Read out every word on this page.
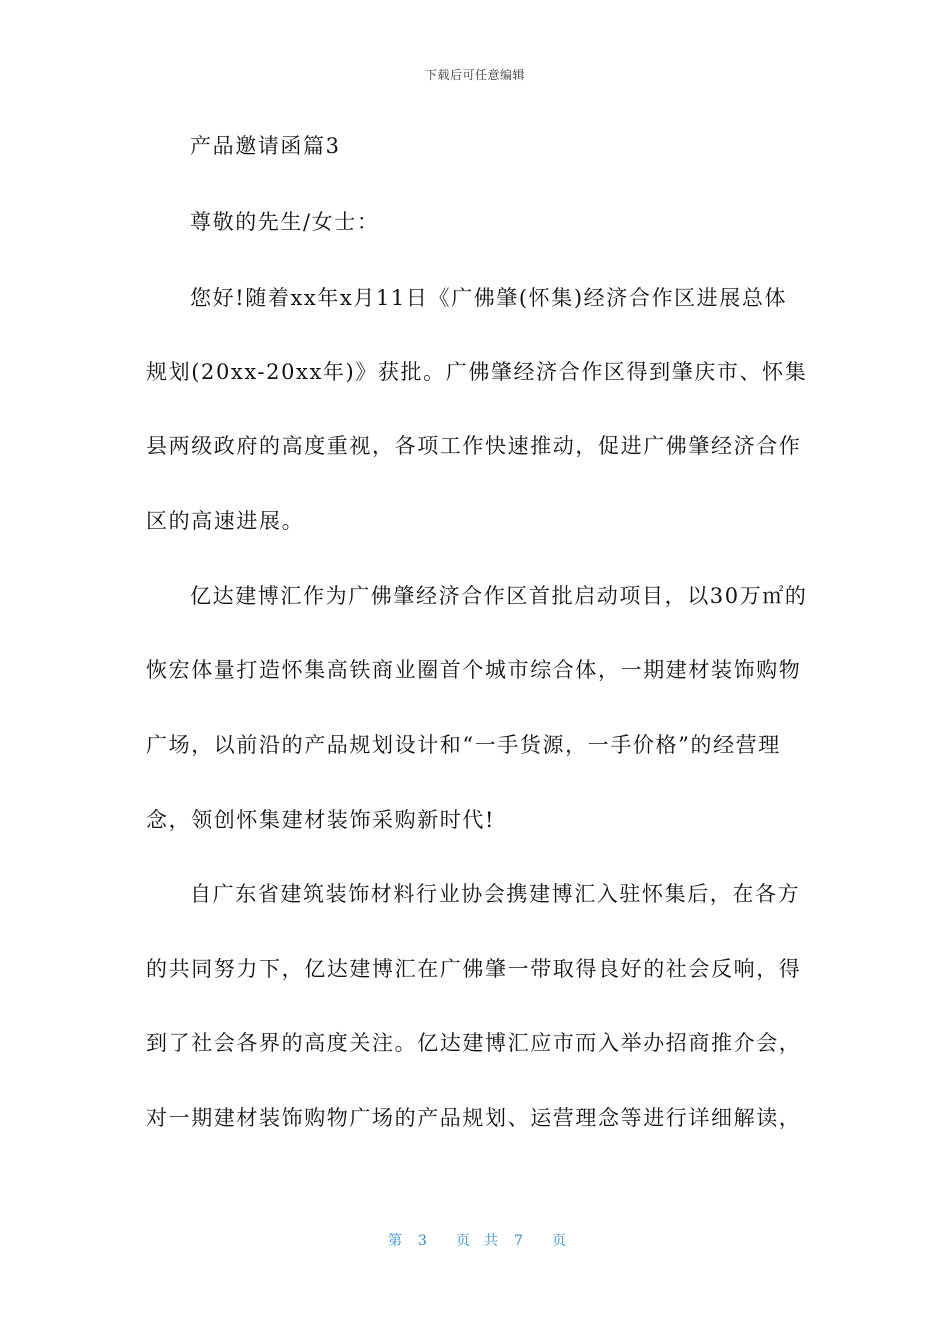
下载后可任意编辑
产品邀请函篇3
尊敬的先生/女士：
您好!随着xx年x月11日《广佛肇(怀集)经济合作区进展总体
规划(20xx-20xx年)》获批。广佛肇经济合作区得到肇庆市、怀集
县两级政府的高度重视，各项工作快速推动，促进广佛肇经济合作
区的高速进展。
亿达建博汇作为广佛肇经济合作区首批启动项目，以30万㎡的
恢宏体量打造怀集高铁商业圈首个城市综合体，一期建材装饰购物
广场，以前沿的产品规划设计和“一手货源，一手价格”的经营理
念，领创怀集建材装饰采购新时代!
自广东省建筑装饰材料行业协会携建博汇入驻怀集后，在各方
的共同努力下，亿达建博汇在广佛肇一带取得良好的社会反响，得
到了社会各界的高度关注。亿达建博汇应市而入举办招商推介会，
对一期建材装饰购物广场的产品规划、运营理念等进行详细解读，
第 3 页 共 7 页
